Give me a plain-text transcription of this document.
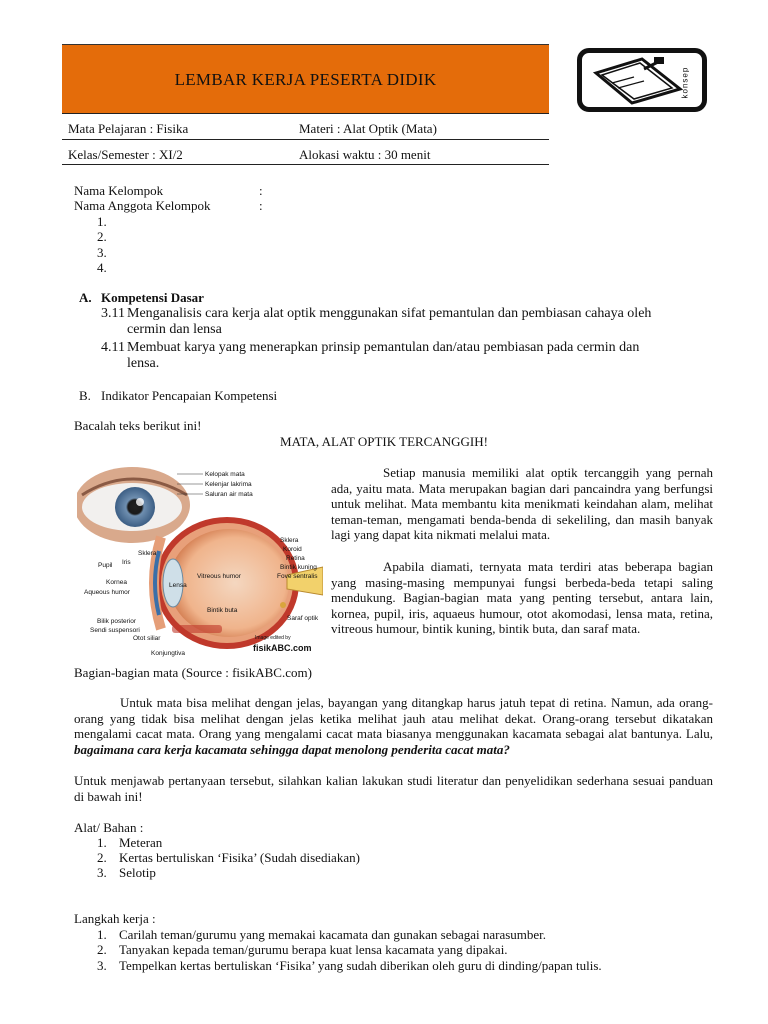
LEMBAR KERJA PESERTA DIDIK	konsep
Mata Pelajaran : Fisika	Materi : Alat Optik (Mata)
Kelas/Semester : XI/2	Alokasi waktu : 30 menit
Nama Kelompok	:
Nama Anggota Kelompok	:
1.
2.
3.
4.
A. Kompetensi Dasar
3.11 Menganalisis cara kerja alat optik menggunakan sifat pemantulan dan pembiasan cahaya oleh
cermin dan lensa
4.11 Membuat karya yang menerapkan prinsip pemantulan dan/atau pembiasan pada cermin dan
lensa.
B. Indikator Pencapaian Kompetensi
Bacalah teks berikut ini!
MATA, ALAT OPTIK TERCANGGIH!
Kelopak mata
Kelenjar lakrima
Saluran air mata
Sklera
Koroid
Retina
Bintik kuning
Fove sentralis
Saraf optik
Sklera
Iris
Pupil
Kornea
Aqueous humor
Bilik posterior
Sendi suspensori
Otot siliar
Konjungtiva
Lensa
Vitreous humor
Bintik buta
Image edited by
fisikABC.com
Setiap manusia memiliki alat optik tercanggih yang pernah ada, yaitu mata. Mata merupakan bagian dari pancaindra yang berfungsi untuk melihat. Mata membantu kita menikmati keindahan alam, melihat teman-teman, mengamati benda-benda di sekeliling, dan masih banyak lagi yang dapat kita nikmati melalui mata.
Apabila diamati, ternyata mata terdiri atas beberapa bagian yang masing-masing mempunyai fungsi berbeda-beda tetapi saling mendukung. Bagian-bagian mata yang penting tersebut, antara lain, kornea, pupil, iris, aquaeus humour, otot akomodasi, lensa mata, retina, vitreous humour, bintik kuning, bintik buta, dan saraf mata.
Bagian-bagian mata (Source : fisikABC.com)
Untuk mata bisa melihat dengan jelas, bayangan yang ditangkap harus jatuh tepat di retina. Namun, ada orang-orang yang tidak bisa melihat dengan jelas ketika melihat jauh atau melihat dekat. Orang-orang tersebut dikatakan mengalami cacat mata. Orang yang mengalami cacat mata biasanya menggunakan kacamata sebagai alat bantunya. Lalu, bagaimana cara kerja kacamata sehingga dapat menolong penderita cacat mata?
Untuk menjawab pertanyaan tersebut, silahkan kalian lakukan studi literatur dan penyelidikan sederhana sesuai panduan di bawah ini!
Alat/ Bahan :
1. Meteran
2. Kertas bertuliskan ‘Fisika’ (Sudah disediakan)
3. Selotip
Langkah kerja :
1. Carilah teman/gurumu yang memakai kacamata dan gunakan sebagai narasumber.
2. Tanyakan kepada teman/gurumu berapa kuat lensa kacamata yang dipakai.
3. Tempelkan kertas bertuliskan ‘Fisika’ yang sudah diberikan oleh guru di dinding/papan tulis.
